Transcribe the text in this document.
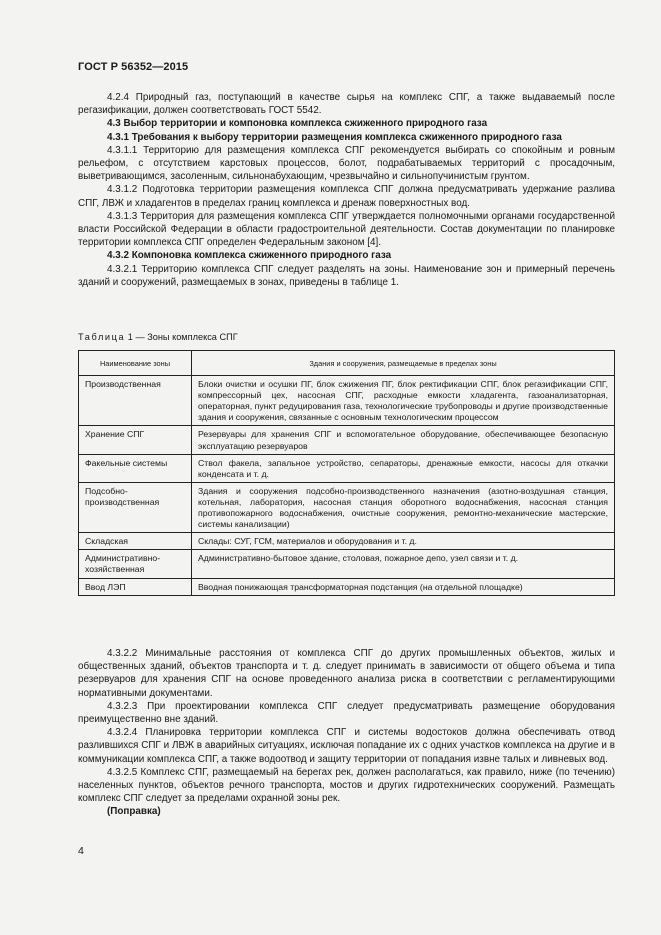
ГОСТ Р 56352—2015

4.2.4 Природный газ, поступающий в качестве сырья на комплекс СПГ, а также выдаваемый после регазификации, должен соответствовать ГОСТ 5542.

4.3 Выбор территории и компоновка комплекса сжиженного природного газа

4.3.1 Требования к выбору территории размещения комплекса сжиженного природного газа

4.3.1.1 Территорию для размещения комплекса СПГ рекомендуется выбирать со спокойным и ровным рельефом, с отсутствием карстовых процессов, болот, подрабатываемых территорий с просадочным, выветривающимся, засоленным, сильнонабухающим, чрезвычайно и сильнопучинистым грунтом.

4.3.1.2 Подготовка территории размещения комплекса СПГ должна предусматривать удержание разлива СПГ, ЛВЖ и хладагентов в пределах границ комплекса и дренаж поверхностных вод.

4.3.1.3 Территория для размещения комплекса СПГ утверждается полномочными органами государственной власти Российской Федерации в области градостроительной деятельности. Состав документации по планировке территории комплекса СПГ определен Федеральным законом [4].

4.3.2 Компоновка комплекса сжиженного природного газа

4.3.2.1 Территорию комплекса СПГ следует разделять на зоны. Наименование зон и примерный перечень зданий и сооружений, размещаемых в зонах, приведены в таблице 1.

Таблица 1 — Зоны комплекса СПГ
Наименование зоны	Здания и сооружения, размещаемые в пределах зоны
Производственная	Блоки очистки и осушки ПГ, блок сжижения ПГ, блок ректификации СПГ, блок регазификации СПГ, компрессорный цех, насосная СПГ, расходные емкости хладагента, газоанализаторная, операторная, пункт редуцирования газа, технологические трубопроводы и другие производственные здания и сооружения, связанные с основным технологическим процессом
Хранение СПГ	Резервуары для хранения СПГ и вспомогательное оборудование, обеспечивающее безопасную эксплуатацию резервуаров
Факельные системы	Ствол факела, запальное устройство, сепараторы, дренажные емкости, насосы для откачки конденсата и т. д.
Подсобно-производственная	Здания и сооружения подсобно-производственного назначения (азотно-воздушная станция, котельная, лаборатория, насосная станция оборотного водоснабжения, насосная станция противопожарного водоснабжения, очистные сооружения, ремонтно-механические мастерские, системы канализации)
Складская	Склады: СУГ, ГСМ, материалов и оборудования и т. д.
Административно-хозяйственная	Административно-бытовое здание, столовая, пожарное депо, узел связи и т. д.
Ввод ЛЭП	Вводная понижающая трансформаторная подстанция (на отдельной площадке)

4.3.2.2 Минимальные расстояния от комплекса СПГ до других промышленных объектов, жилых и общественных зданий, объектов транспорта и т. д. следует принимать в зависимости от общего объема и типа резервуаров для хранения СПГ на основе проведенного анализа риска в соответствии с регламентирующими нормативными документами.

4.3.2.3 При проектировании комплекса СПГ следует предусматривать размещение оборудования преимущественно вне зданий.

4.3.2.4 Планировка территории комплекса СПГ и системы водостоков должна обеспечивать отвод разлившихся СПГ и ЛВЖ в аварийных ситуациях, исключая попадание их с одних участков комплекса на другие и в коммуникации комплекса СПГ, а также водоотвод и защиту территории от попадания извне талых и ливневых вод.

4.3.2.5 Комплекс СПГ, размещаемый на берегах рек, должен располагаться, как правило, ниже (по течению) населенных пунктов, объектов речного транспорта, мостов и других гидротехнических сооружений. Размещать комплекс СПГ следует за пределами охранной зоны рек.

(Поправка)

4
